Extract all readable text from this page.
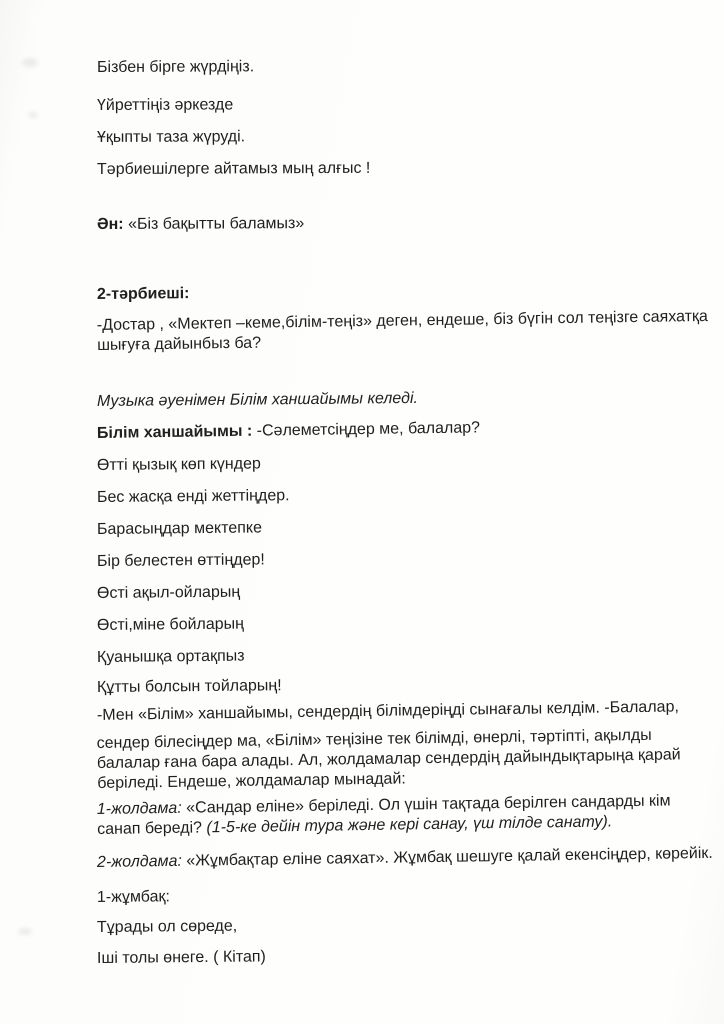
Бізбен бірге жүрдіңіз.

Үйреттіңіз әркезде

Ұқыпты таза жүруді.

Тәрбиешілерге айтамыз мың алғыс !

Ән: «Біз бақытты баламыз»

2-тәрбиеші:

-Достар , «Мектеп –кеме,білім-теңіз» деген, ендеше, біз бүгін сол теңізге саяхатқа

шығуға дайынбыз ба?

Музыка әуенімен Білім ханшайымы келеді.

Білім ханшайымы : -Сәлеметсіңдер ме, балалар?

Өтті қызық көп күндер

Бес жасқа енді жеттіңдер.

Барасыңдар мектепке

Бір белестен өттіңдер!

Өсті ақыл-ойларың

Өсті,міне бойларың

Қуанышқа ортақпыз

Құтты болсын тойларың!

-Мен «Білім» ханшайымы, сендердің білімдеріңді сынағалы келдім. -Балалар,

сендер білесіңдер ма, «Білім» теңізіне тек білімді, өнерлі, тәртіпті, ақылды

балалар ғана бара алады. Ал, жолдамалар сендердің дайындықтарыңа қарай

беріледі. Ендеше, жолдамалар мынадай:

1-жолдама: «Сандар еліне» беріледі. Ол үшін тақтада берілген сандарды кім

санап береді? (1-5-ке дейін тура және кері санау, үш тілде санату).

2-жолдама: «Жұмбақтар еліне саяхат». Жұмбақ шешуге қалай екенсіңдер, көрейік.

1-жұмбақ:

Тұрады ол сөреде,

Іші толы өнеге. ( Кітап)
